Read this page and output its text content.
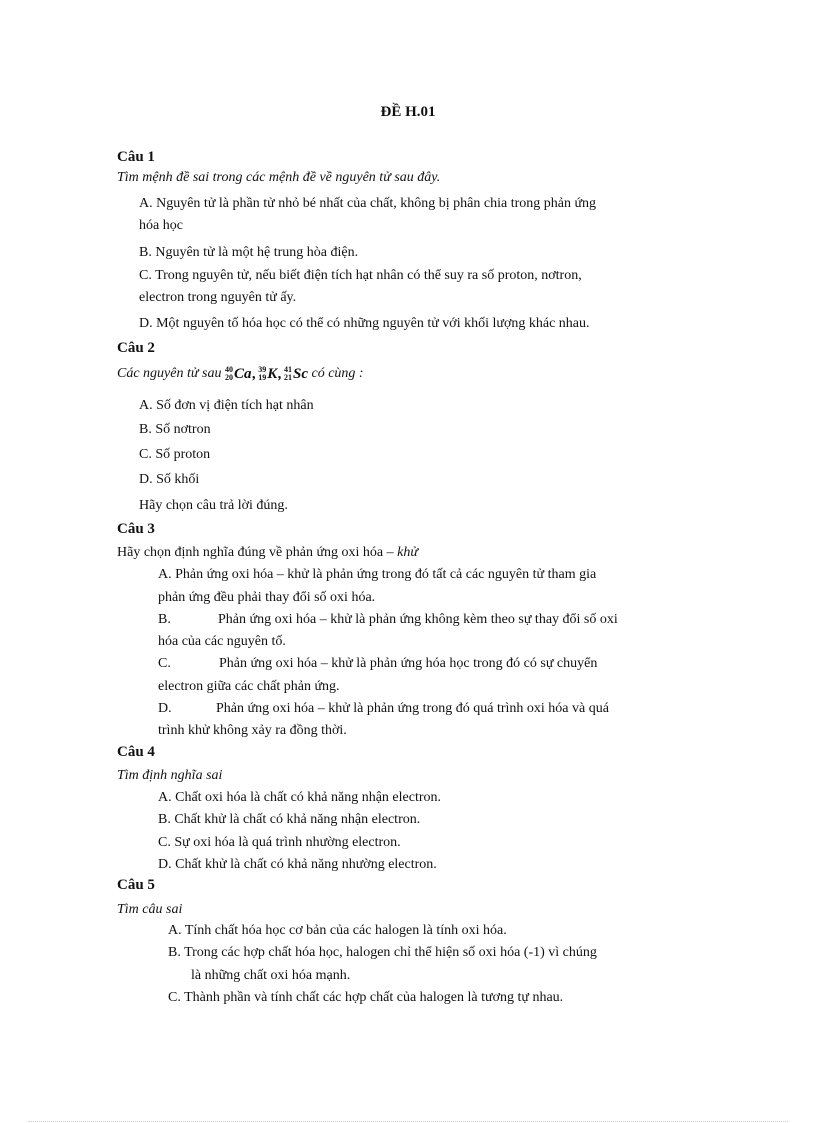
ĐỀ H.01
Câu 1
Tìm mệnh đề sai trong các mệnh đề về nguyên tử sau đây.
A. Nguyên tử là phần tử nhỏ bé nhất của chất, không bị phân chia trong phản ứng
hóa học
B. Nguyên tử là một hệ trung hòa điện.
C. Trong nguyên tử, nếu biết điện tích hạt nhân có thể suy ra số proton, nơtron,
electron trong nguyên tử ấy.
D. Một nguyên tố hóa học có thể có những nguyên tử với khối lượng khác nhau.
Câu 2
Các nguyên tử sau 40
20 Ca , 39
19 K , 41
21 Sc có cùng :
A. Số đơn vị điện tích hạt nhân
B. Số nơtron
C. Số proton
D. Số khối
Hãy chọn câu trả lời đúng.
Câu 3
Hãy chọn định nghĩa đúng về phản ứng oxi hóa – khử
A. Phản ứng oxi hóa – khử là phản ứng trong đó tất cả các nguyên tử tham gia
phản ứng đều phải thay đổi số oxi hóa.
B.	Phản ứng oxi hóa – khử là phản ứng không kèm theo sự thay đổi số oxi
hóa của các nguyên tố.
C.	Phản ứng oxi hóa – khử là phản ứng hóa học trong đó có sự chuyển
electron giữa các chất phản ứng.
D.	Phản ứng oxi hóa – khử là phản ứng trong đó quá trình oxi hóa và quá
trình khử không xảy ra đồng thời.
Câu 4
Tìm định nghĩa sai
A. Chất oxi hóa là chất có khả năng nhận electron.
B. Chất khử là chất có khả năng nhận electron.
C. Sự oxi hóa là quá trình nhường electron.
D. Chất khử là chất có khả năng nhường electron.
Câu 5
Tìm câu sai
A. Tính chất hóa học cơ bản của các halogen là tính oxi hóa.
B. Trong các hợp chất hóa học, halogen chỉ thể hiện số oxi hóa (-1) vì chúng
là những chất oxi hóa mạnh.
C. Thành phần và tính chất các hợp chất của halogen là tương tự nhau.
